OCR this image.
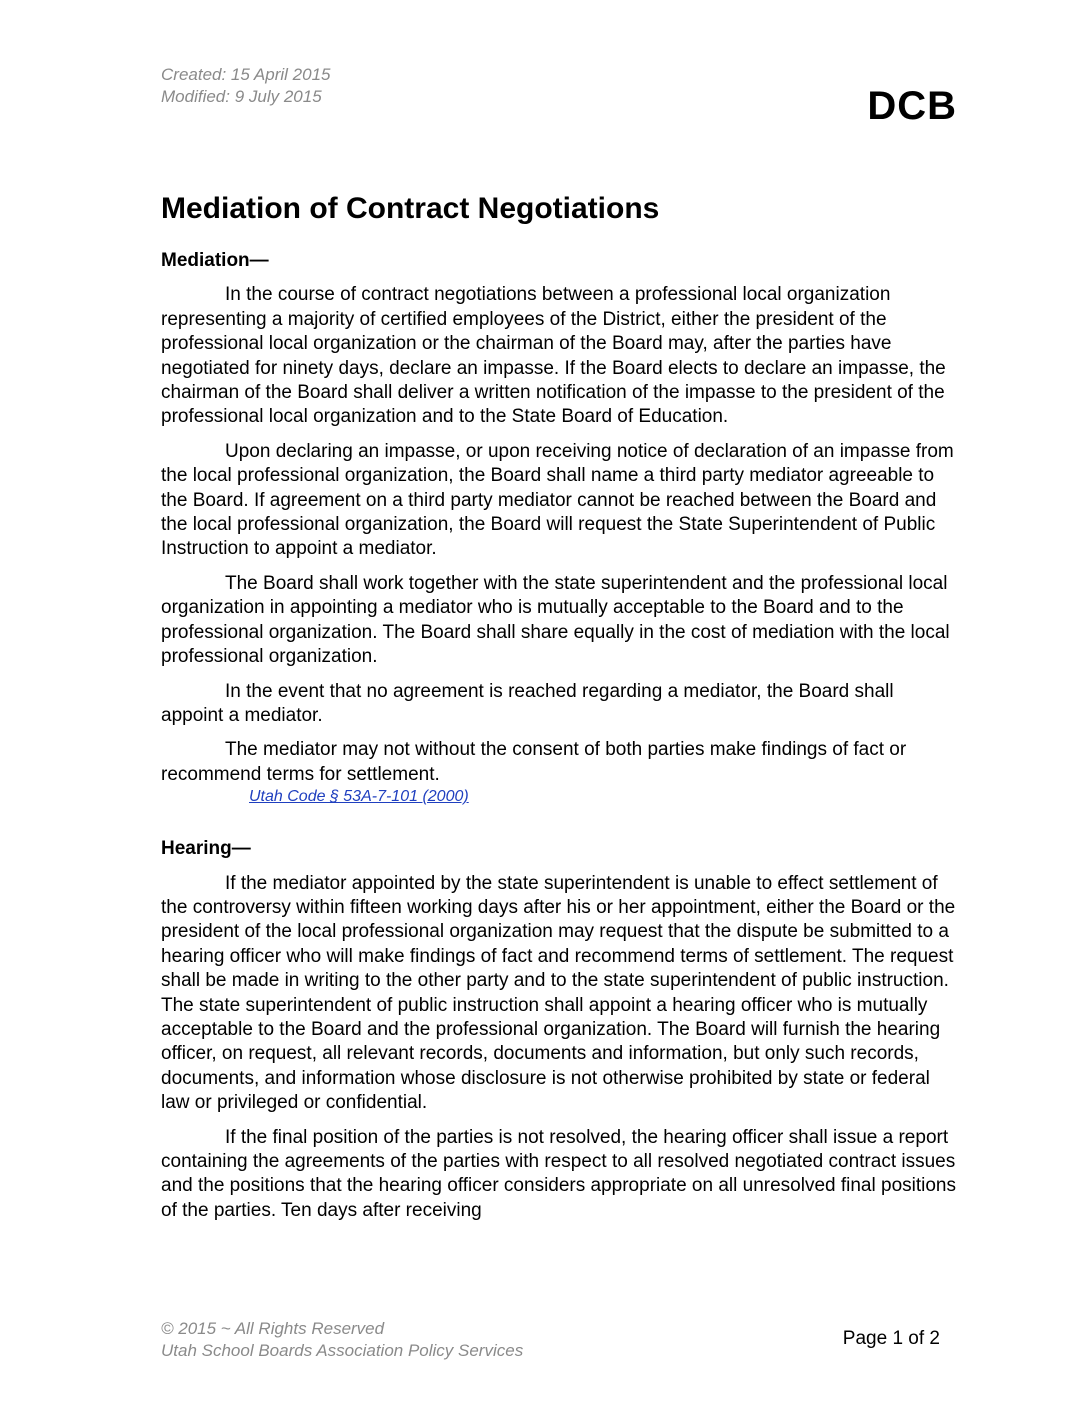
Created: 15 April 2015
Modified: 9 July 2015	DCB
Mediation of Contract Negotiations

Mediation—

In the course of contract negotiations between a professional local organization representing a majority of certified employees of the District, either the president of the professional local organization or the chairman of the Board may, after the parties have negotiated for ninety days, declare an impasse. If the Board elects to declare an impasse, the chairman of the Board shall deliver a written notification of the impasse to the president of the professional local organization and to the State Board of Education.

Upon declaring an impasse, or upon receiving notice of declaration of an impasse from the local professional organization, the Board shall name a third party mediator agreeable to the Board. If agreement on a third party mediator cannot be reached between the Board and the local professional organization, the Board will request the State Superintendent of Public Instruction to appoint a mediator.

The Board shall work together with the state superintendent and the professional local organization in appointing a mediator who is mutually acceptable to the Board and to the professional organization. The Board shall share equally in the cost of mediation with the local professional organization.

In the event that no agreement is reached regarding a mediator, the Board shall appoint a mediator.

The mediator may not without the consent of both parties make findings of fact or recommend terms for settlement.

Utah Code § 53A-7-101 (2000)

Hearing—

If the mediator appointed by the state superintendent is unable to effect settlement of the controversy within fifteen working days after his or her appointment, either the Board or the president of the local professional organization may request that the dispute be submitted to a hearing officer who will make findings of fact and recommend terms of settlement. The request shall be made in writing to the other party and to the state superintendent of public instruction. The state superintendent of public instruction shall appoint a hearing officer who is mutually acceptable to the Board and the professional organization. The Board will furnish the hearing officer, on request, all relevant records, documents and information, but only such records, documents, and information whose disclosure is not otherwise prohibited by state or federal law or privileged or confidential.

If the final position of the parties is not resolved, the hearing officer shall issue a report containing the agreements of the parties with respect to all resolved negotiated contract issues and the positions that the hearing officer considers appropriate on all unresolved final positions of the parties. Ten days after receiving

© 2015 ~ All Rights Reserved
Utah School Boards Association Policy Services
Page 1 of 2
